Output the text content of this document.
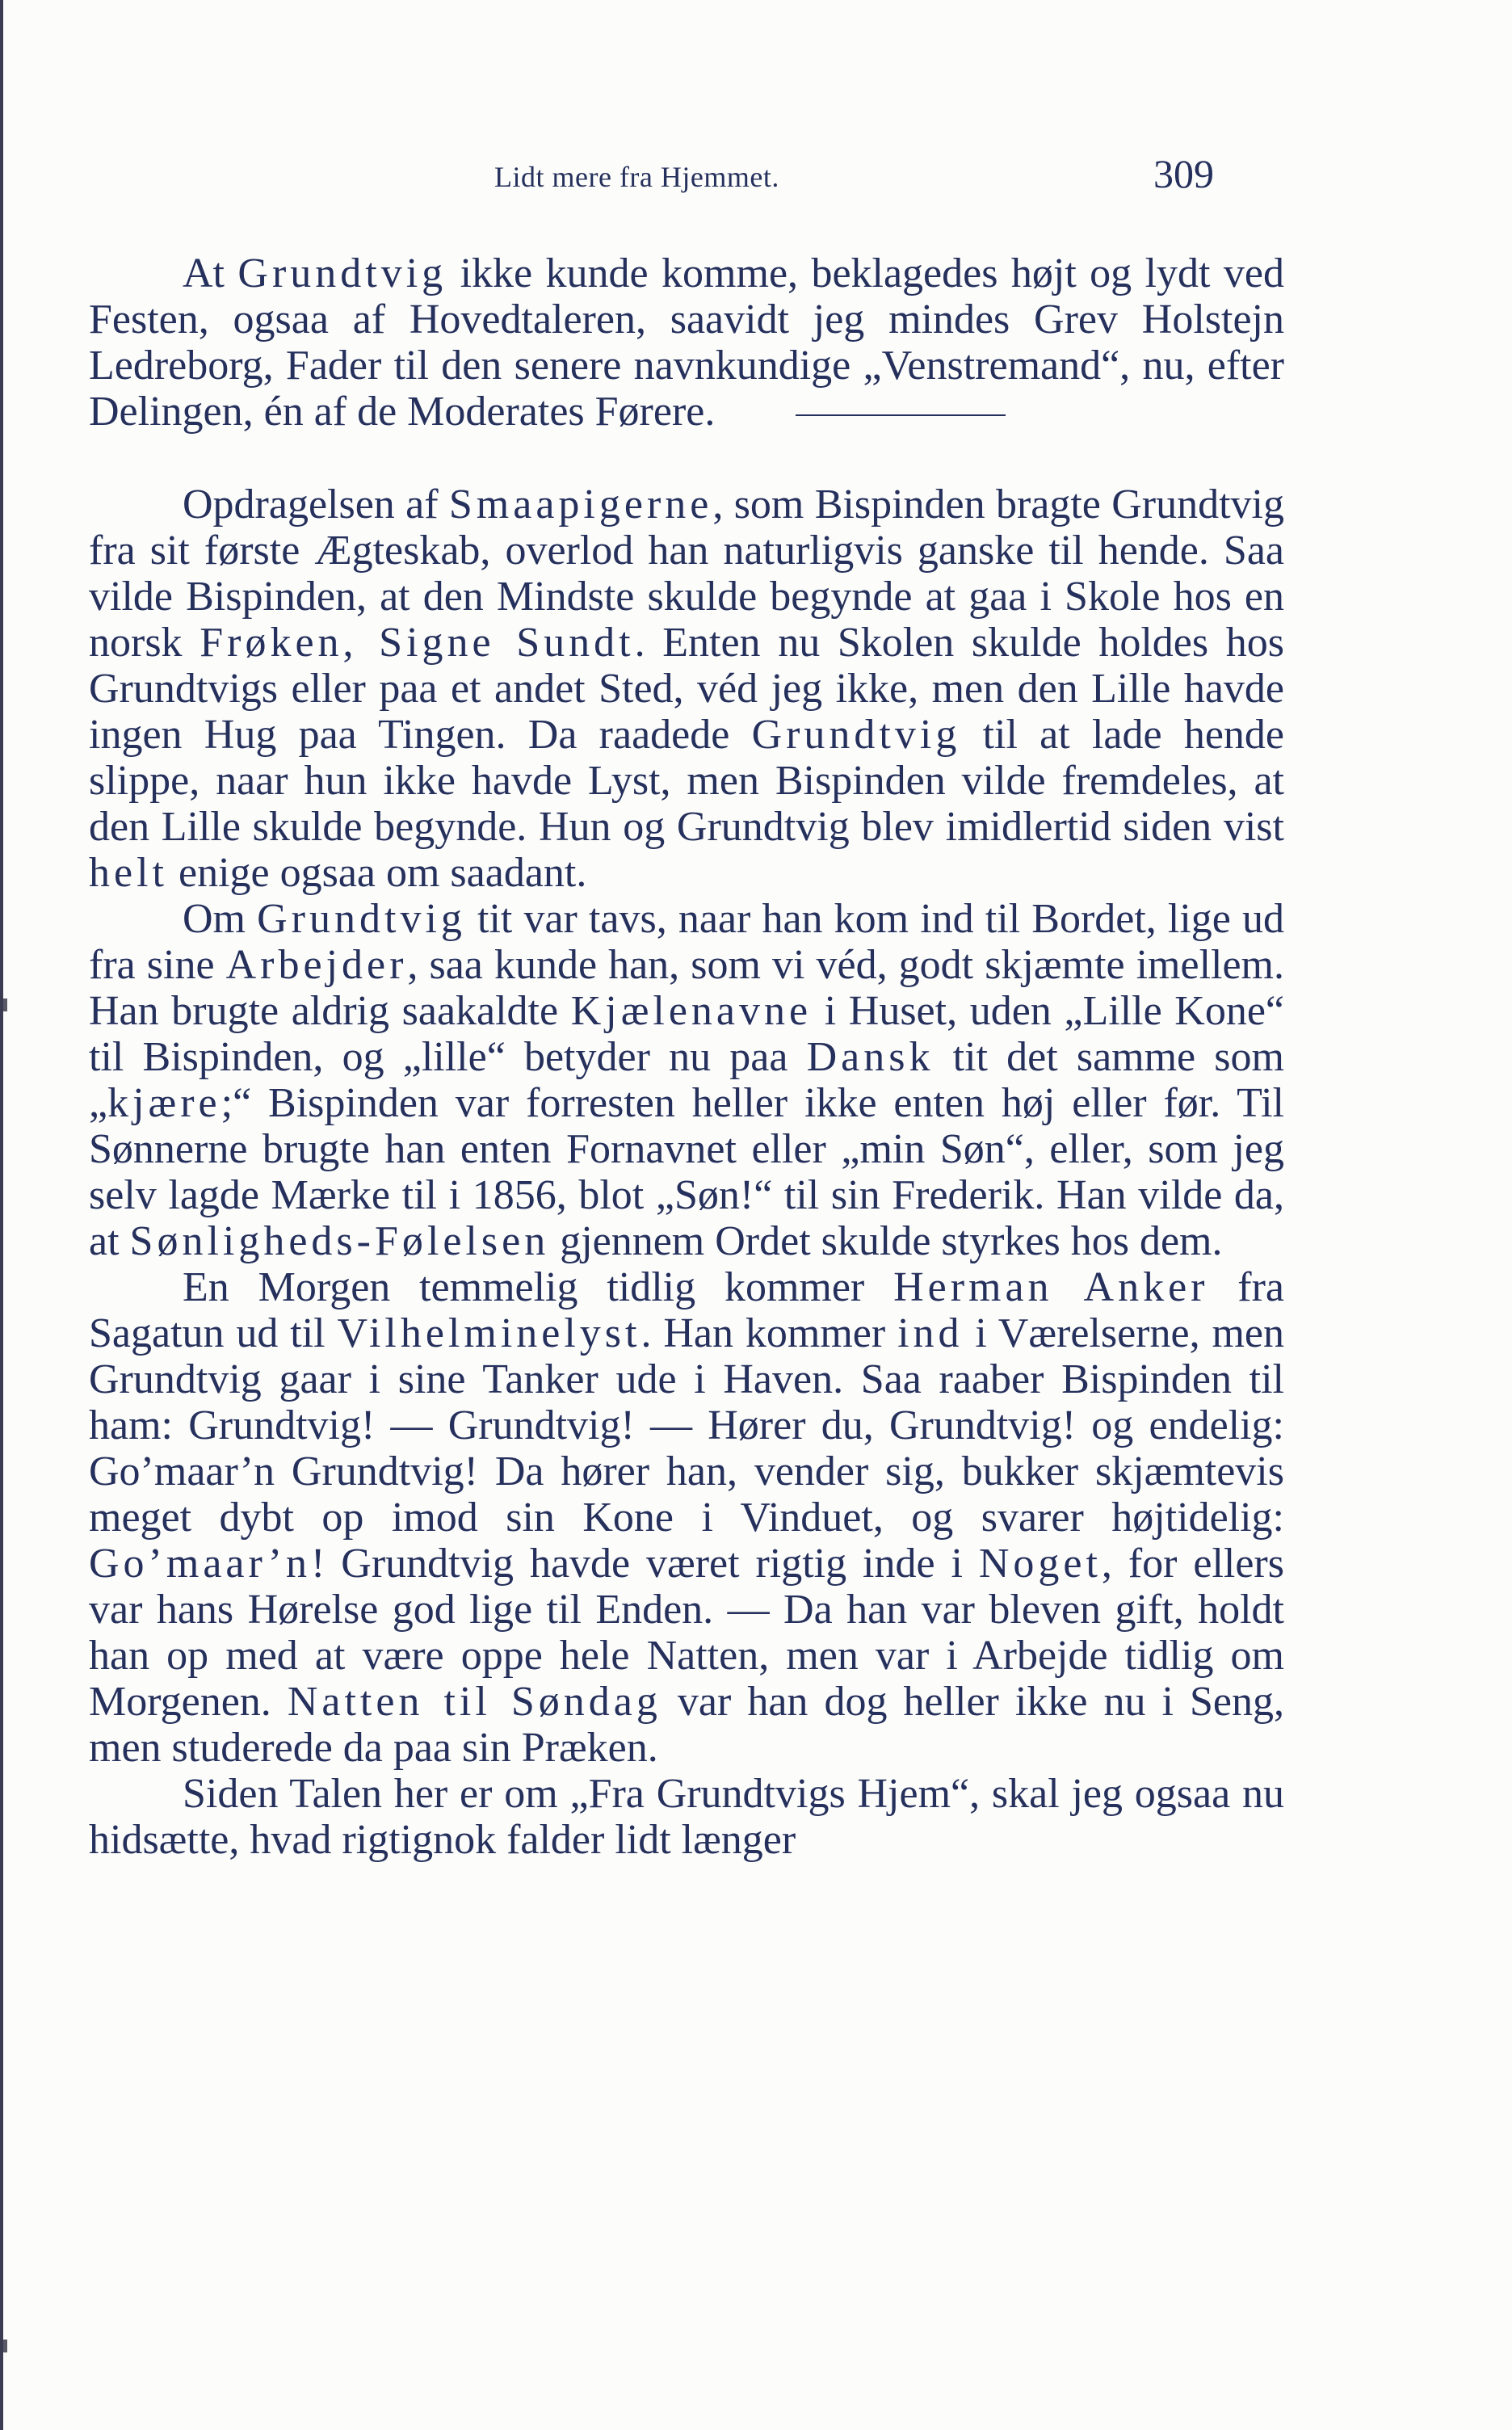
Lidt mere fra Hjemmet.	309

At Grundtvig ikke kunde komme, beklagedes højt og lydt ved Festen, ogsaa af Hovedtaleren, saavidt jeg mindes Grev Holstejn Ledreborg, Fader til den senere navnkundige „Venstremand“, nu, efter Delingen, én af de Moderates Førere.

Opdragelsen af Smaapigerne, som Bispinden bragte Grundtvig fra sit første Ægteskab, overlod han naturligvis ganske til hende. Saa vilde Bispinden, at den Mindste skulde begynde at gaa i Skole hos en norsk Frøken, Signe Sundt. Enten nu Skolen skulde holdes hos Grundtvigs eller paa et andet Sted, véd jeg ikke, men den Lille havde ingen Hug paa Tingen. Da raadede Grundtvig til at lade hende slippe, naar hun ikke havde Lyst, men Bispinden vilde fremdeles, at den Lille skulde begynde. Hun og Grundtvig blev imidlertid siden vist helt enige ogsaa om saadant.

Om Grundtvig tit var tavs, naar han kom ind til Bordet, lige ud fra sine Arbejder, saa kunde han, som vi véd, godt skjæmte imellem. Han brugte aldrig saakaldte Kjælenavne i Huset, uden „Lille Kone“ til Bispinden, og „lille“ betyder nu paa Dansk tit det samme som „kjære;“ Bispinden var forresten heller ikke enten høj eller før. Til Sønnerne brugte han enten Fornavnet eller „min Søn“, eller, som jeg selv lagde Mærke til i 1856, blot „Søn!“ til sin Frederik. Han vilde da, at Sønligheds-Følelsen gjennem Ordet skulde styrkes hos dem.

En Morgen temmelig tidlig kommer Herman Anker fra Sagatun ud til Vilhelminelyst. Han kommer ind i Værelserne, men Grundtvig gaar i sine Tanker ude i Haven. Saa raaber Bispinden til ham: Grundtvig! — Grundtvig! — Hører du, Grundtvig! og endelig: Go’maar’n Grundtvig! Da hører han, vender sig, bukker skjæmtevis meget dybt op imod sin Kone i Vinduet, og svarer højtidelig: Go’maar’n! Grundtvig havde været rigtig inde i Noget, for ellers var hans Hørelse god lige til Enden. — Da han var bleven gift, holdt han op med at være oppe hele Natten, men var i Arbejde tidlig om Morgenen. Natten til Søndag var han dog heller ikke nu i Seng, men studerede da paa sin Præken.

Siden Talen her er om „Fra Grundtvigs Hjem“, skal jeg ogsaa nu hidsætte, hvad rigtignok falder lidt længer
